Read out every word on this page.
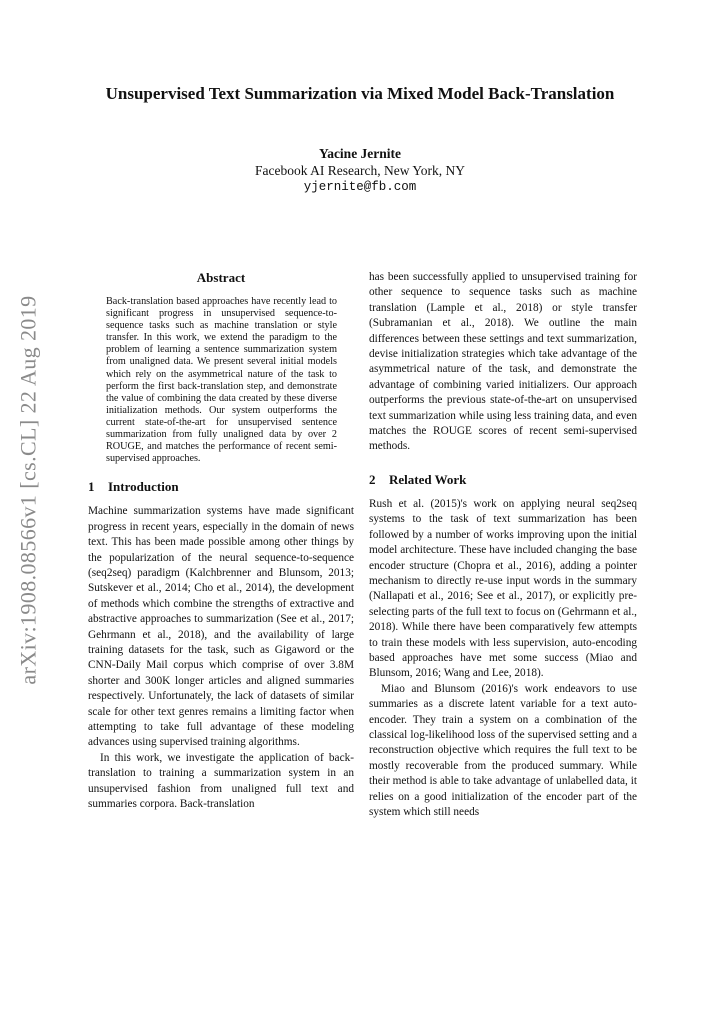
arXiv:1908.08566v1 [cs.CL] 22 Aug 2019
Unsupervised Text Summarization via Mixed Model Back-Translation
Yacine Jernite
Facebook AI Research, New York, NY
yjernite@fb.com
Abstract

Back-translation based approaches have recently lead to significant progress in unsupervised sequence-to-sequence tasks such as machine translation or style transfer. In this work, we extend the paradigm to the problem of learning a sentence summarization system from unaligned data. We present several initial models which rely on the asymmetrical nature of the task to perform the first back-translation step, and demonstrate the value of combining the data created by these diverse initialization methods. Our system outperforms the current state-of-the-art for unsupervised sentence summarization from fully unaligned data by over 2 ROUGE, and matches the performance of recent semi-supervised approaches.

1 Introduction

Machine summarization systems have made significant progress in recent years, especially in the domain of news text. This has been made possible among other things by the popularization of the neural sequence-to-sequence (seq2seq) paradigm (Kalchbrenner and Blunsom, 2013; Sutskever et al., 2014; Cho et al., 2014), the development of methods which combine the strengths of extractive and abstractive approaches to summarization (See et al., 2017; Gehrmann et al., 2018), and the availability of large training datasets for the task, such as Gigaword or the CNN-Daily Mail corpus which comprise of over 3.8M shorter and 300K longer articles and aligned summaries respectively. Unfortunately, the lack of datasets of similar scale for other text genres remains a limiting factor when attempting to take full advantage of these modeling advances using supervised training algorithms.

In this work, we investigate the application of back-translation to training a summarization system in an unsupervised fashion from unaligned full text and summaries corpora. Back-translation

has been successfully applied to unsupervised training for other sequence to sequence tasks such as machine translation (Lample et al., 2018) or style transfer (Subramanian et al., 2018). We outline the main differences between these settings and text summarization, devise initialization strategies which take advantage of the asymmetrical nature of the task, and demonstrate the advantage of combining varied initializers. Our approach outperforms the previous state-of-the-art on unsupervised text summarization while using less training data, and even matches the ROUGE scores of recent semi-supervised methods.

2 Related Work

Rush et al. (2015)'s work on applying neural seq2seq systems to the task of text summarization has been followed by a number of works improving upon the initial model architecture. These have included changing the base encoder structure (Chopra et al., 2016), adding a pointer mechanism to directly re-use input words in the summary (Nallapati et al., 2016; See et al., 2017), or explicitly pre-selecting parts of the full text to focus on (Gehrmann et al., 2018). While there have been comparatively few attempts to train these models with less supervision, auto-encoding based approaches have met some success (Miao and Blunsom, 2016; Wang and Lee, 2018).

Miao and Blunsom (2016)'s work endeavors to use summaries as a discrete latent variable for a text auto-encoder. They train a system on a combination of the classical log-likelihood loss of the supervised setting and a reconstruction objective which requires the full text to be mostly recoverable from the produced summary. While their method is able to take advantage of unlabelled data, it relies on a good initialization of the encoder part of the system which still needs
